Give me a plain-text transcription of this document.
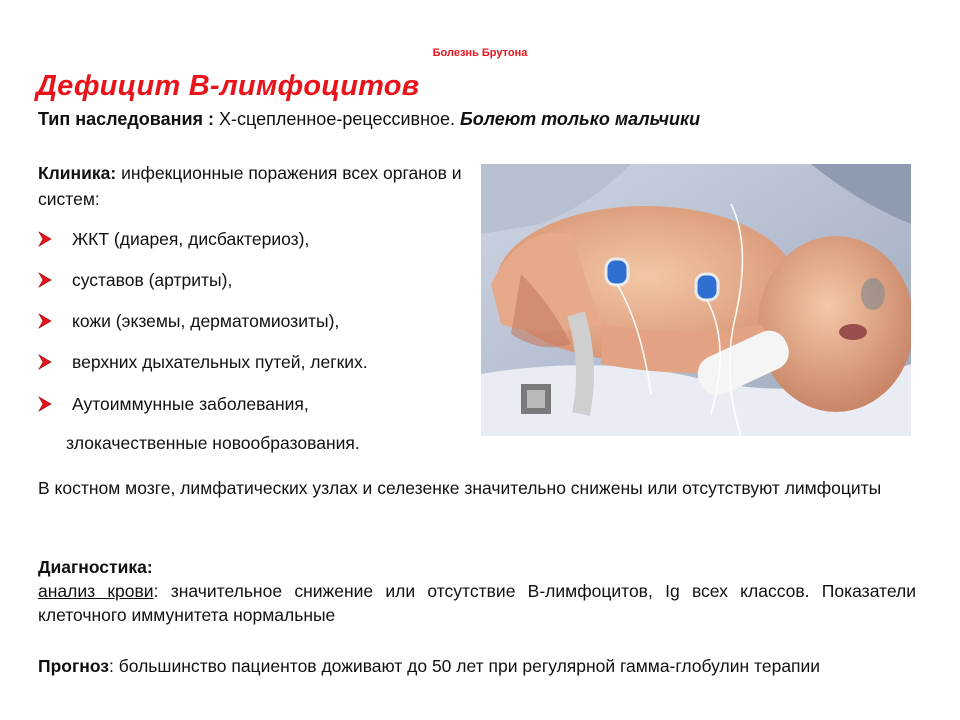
Болезнь Брутона
Дефицит В-лимфоцитов
Тип наследования : Х-сцепленное-рецессивное. Болеют только мальчики
Клиника: инфекционные поражения всех органов и систем:
ЖКТ (диарея, дисбактериоз),
суставов (артриты),
кожи (экземы, дерматомиозиты),
верхних дыхательных путей, легких.
Аутоиммунные заболевания,
злокачественные новообразования.
В костном мозге, лимфатических узлах и селезенке значительно снижены или отсутствуют лимфоциты
Диагностика:
анализ крови: значительное снижение или отсутствие В-лимфоцитов, Ig всех классов. Показатели клеточного иммунитета нормальные
Прогноз: большинство пациентов доживают до 50 лет при регулярной гамма-глобулин терапии
